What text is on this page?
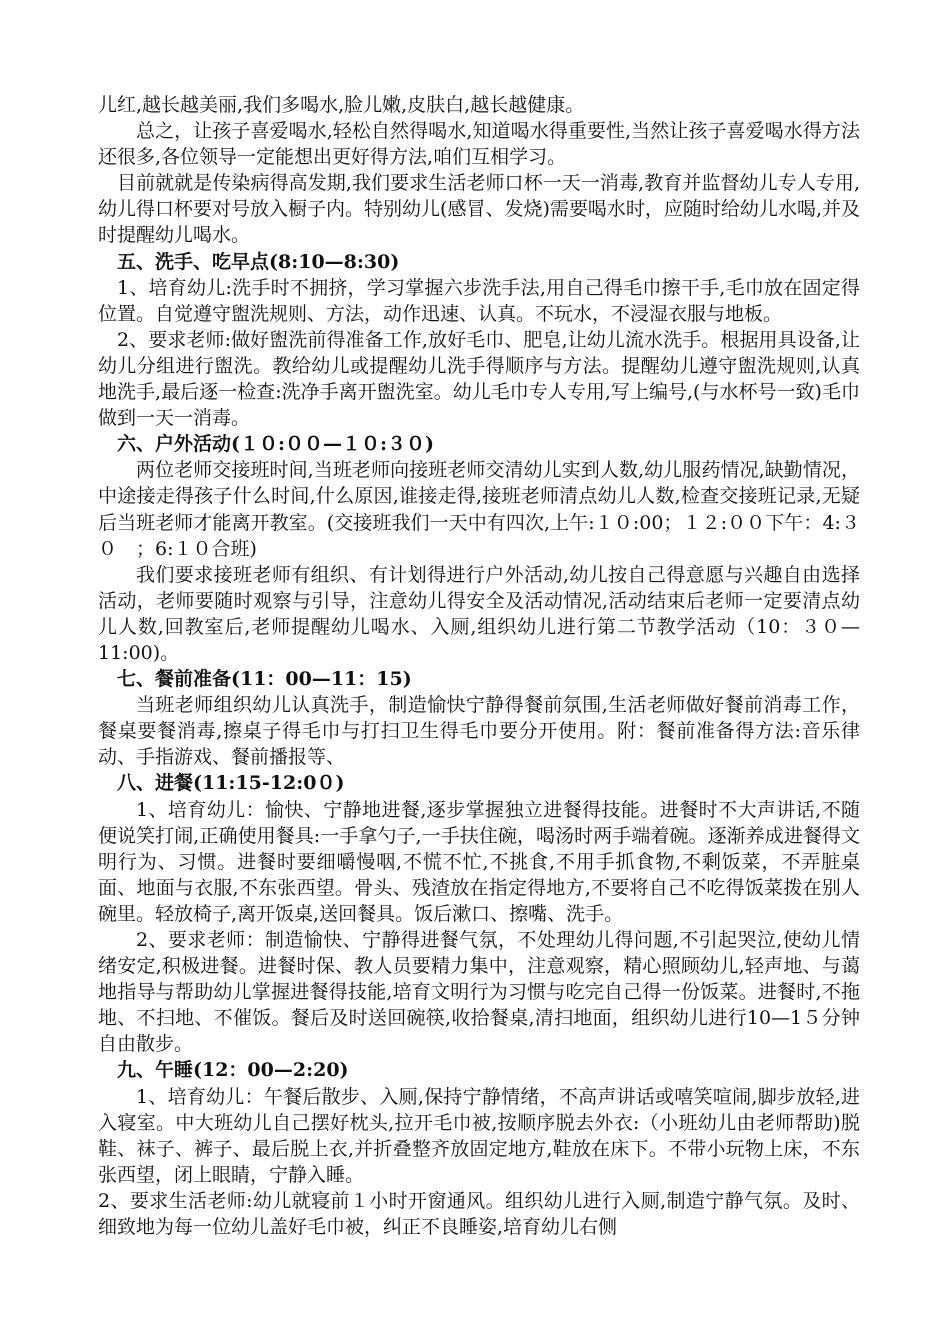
儿红,越长越美丽,我们多喝水,脸儿嫩,皮肤白,越长越健康。

总之，让孩子喜爱喝水,轻松自然得喝水,知道喝水得重要性,当然让孩子喜爱喝水得方法还很多,各位领导一定能想出更好得方法,咱们互相学习。

目前就就是传染病得高发期,我们要求生活老师口杯一天一消毒,教育并监督幼儿专人专用,幼儿得口杯要对号放入橱子内。特别幼儿(感冒、发烧)需要喝水时，应随时给幼儿水喝,并及时提醒幼儿喝水。

五、洗手、吃早点(8:10—8:30)

1、培育幼儿:洗手时不拥挤，学习掌握六步洗手法,用自己得毛巾擦干手,毛巾放在固定得位置。自觉遵守盥洗规则、方法，动作迅速、认真。不玩水，不浸湿衣服与地板。

2、要求老师:做好盥洗前得准备工作,放好毛巾、肥皂,让幼儿流水洗手。根据用具设备,让幼儿分组进行盥洗。教给幼儿或提醒幼儿洗手得顺序与方法。提醒幼儿遵守盥洗规则,认真地洗手,最后逐一检查:洗净手离开盥洗室。幼儿毛巾专人专用,写上编号,(与水杯号一致)毛巾做到一天一消毒。

六、户外活动(１０:００—１０:３０)

两位老师交接班时间,当班老师向接班老师交清幼儿实到人数,幼儿服药情况,缺勤情况，中途接走得孩子什么时间,什么原因,谁接走得,接班老师清点幼儿人数,检查交接班记录,无疑后当班老师才能离开教室。(交接班我们一天中有四次,上午:１０:00；１２:００下午：4:３０　；6:１０合班)

我们要求接班老师有组织、有计划得进行户外活动,幼儿按自己得意愿与兴趣自由选择活动，老师要随时观察与引导，注意幼儿得安全及活动情况,活动结束后老师一定要清点幼儿人数,回教室后,老师提醒幼儿喝水、入厕,组织幼儿进行第二节教学活动（10：３０—11:00)。

七、餐前准备(11：00—11：15)

当班老师组织幼儿认真洗手，制造愉快宁静得餐前氛围,生活老师做好餐前消毒工作，餐桌要餐消毒,擦桌子得毛巾与打扫卫生得毛巾要分开使用。附：餐前准备得方法:音乐律动、手指游戏、餐前播报等、

八、进餐(11:15-12:0０)

1、培育幼儿：愉快、宁静地进餐,逐步掌握独立进餐得技能。进餐时不大声讲话,不随便说笑打闹,正确使用餐具:一手拿勺子,一手扶住碗，喝汤时两手端着碗。逐渐养成进餐得文明行为、习惯。进餐时要细嚼慢咽,不慌不忙,不挑食,不用手抓食物,不剩饭菜，不弄脏桌面、地面与衣服,不东张西望。骨头、残渣放在指定得地方,不要将自己不吃得饭菜拨在别人碗里。轻放椅子,离开饭桌,送回餐具。饭后漱口、擦嘴、洗手。

2、要求老师：制造愉快、宁静得进餐气氛，不处理幼儿得问题,不引起哭泣,使幼儿情绪安定,积极进餐。进餐时保、教人员要精力集中，注意观察，精心照顾幼儿,轻声地、与蔼地指导与帮助幼儿掌握进餐得技能,培育文明行为习惯与吃完自己得一份饭菜。进餐时,不拖地、不扫地、不催饭。餐后及时送回碗筷,收拾餐桌,清扫地面，组织幼儿进行10—1５分钟自由散步。

九、午睡(12：00—2:20)

1、培育幼儿：午餐后散步、入厕,保持宁静情绪，不高声讲话或嘻笑喧闹,脚步放轻,进入寝室。中大班幼儿自己摆好枕头,拉开毛巾被,按顺序脱去外衣:（小班幼儿由老师帮助)脱鞋、袜子、裤子、最后脱上衣,并折叠整齐放固定地方,鞋放在床下。不带小玩物上床，不东张西望，闭上眼睛，宁静入睡。

2、要求生活老师:幼儿就寝前１小时开窗通风。组织幼儿进行入厕,制造宁静气氛。及时、细致地为每一位幼儿盖好毛巾被，纠正不良睡姿,培育幼儿右侧
